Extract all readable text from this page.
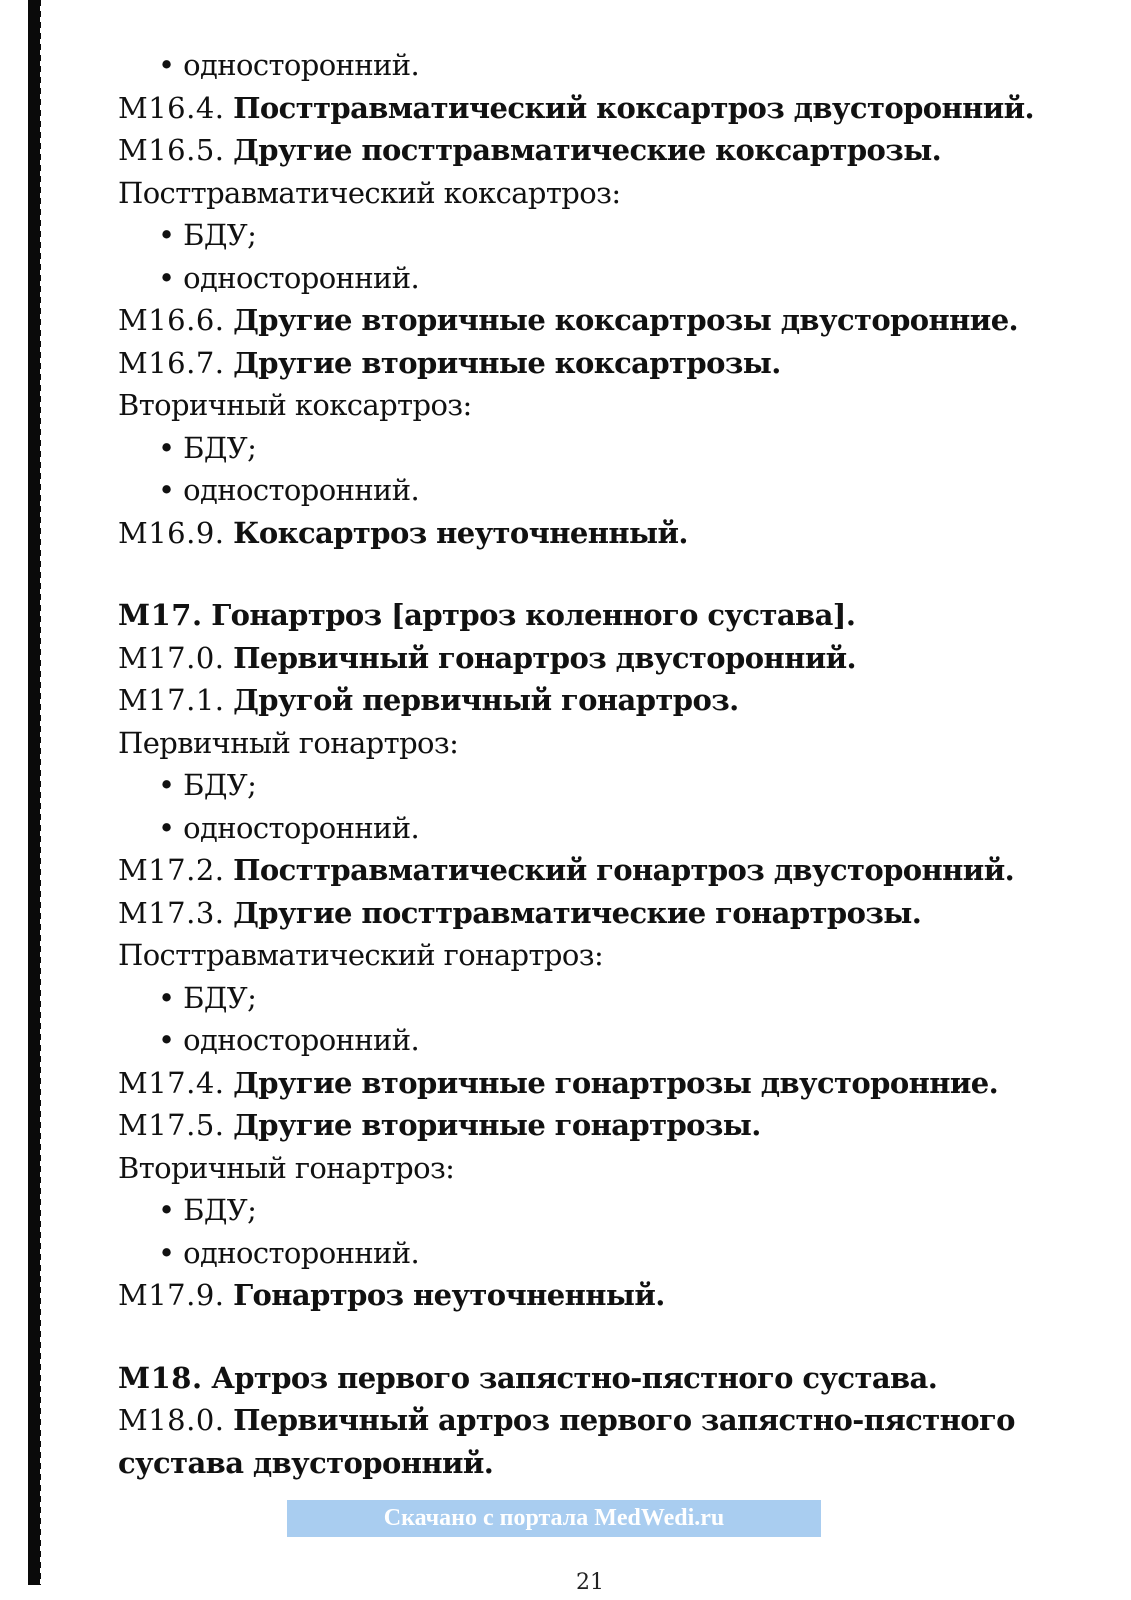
• односторонний.
М16.4. Посттравматический коксартроз двусторонний.
М16.5. Другие посттравматические коксартрозы.
Посттравматический коксартроз:
• БДУ;
• односторонний.
М16.6. Другие вторичные коксартрозы двусторонние.
М16.7. Другие вторичные коксартрозы.
Вторичный коксартроз:
• БДУ;
• односторонний.
М16.9. Коксартроз неуточненный.
М17. Гонартроз [артроз коленного сустава].
М17.0. Первичный гонартроз двусторонний.
М17.1. Другой первичный гонартроз.
Первичный гонартроз:
• БДУ;
• односторонний.
М17.2. Посттравматический гонартроз двусторонний.
М17.3. Другие посттравматические гонартрозы.
Посттравматический гонартроз:
• БДУ;
• односторонний.
М17.4. Другие вторичные гонартрозы двусторонние.
М17.5. Другие вторичные гонартрозы.
Вторичный гонартроз:
• БДУ;
• односторонний.
М17.9. Гонартроз неуточненный.
М18. Артроз первого запястно-пястного сустава.
М18.0. Первичный артроз первого запястно-пястного сустава двусторонний.
Скачано с портала MedWedi.ru
21
